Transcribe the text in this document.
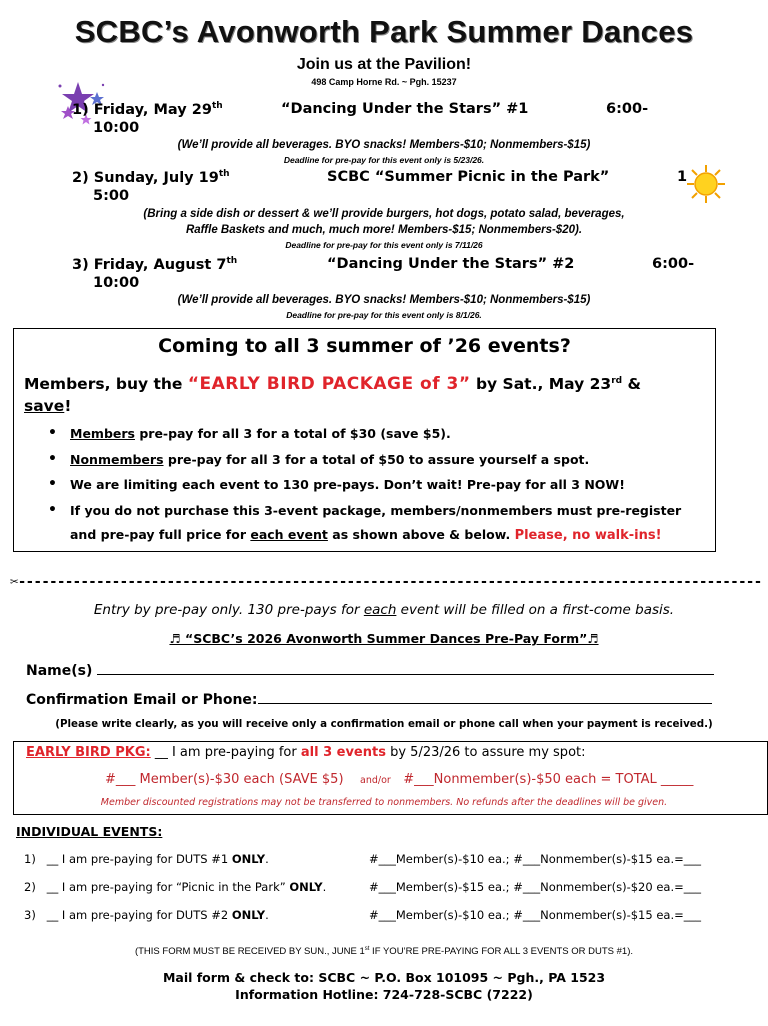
SCBC’s Avonworth Park Summer Dances
Join us at the Pavilion!
498 Camp Horne Rd. ~ Pgh. 15237
1) Friday, May 29th	“Dancing Under the Stars” #1	6:00-
10:00
(We’ll provide all beverages. BYO snacks! Members-$10; Nonmembers-$15)
Deadline for pre-pay for this event only is 5/23/26.
2) Sunday, July 19th	SCBC “Summer Picnic in the Park”	1
5:00
(Bring a side dish or dessert & we’ll provide burgers, hot dogs, potato salad, beverages,
Raffle Baskets and much, much more! Members-$15; Nonmembers-$20).
Deadline for pre-pay for this event only is 7/11/26
3) Friday, August 7th	“Dancing Under the Stars” #2	6:00-
10:00
(We’ll provide all beverages. BYO snacks! Members-$10; Nonmembers-$15)
Deadline for pre-pay for this event only is 8/1/26.
Coming to all 3 summer of ’26 events?
Members, buy the “EARLY BIRD PACKAGE of 3” by Sat., May 23rd &
save!
• Members pre-pay for all 3 for a total of $30 (save $5).
• Nonmembers pre-pay for all 3 for a total of $50 to assure yourself a spot.
• We are limiting each event to 130 pre-pays. Don’t wait! Pre-pay for all 3 NOW!
• If you do not purchase this 3-event package, members/nonmembers must pre-register
and pre-pay full price for each event as shown above & below. Please, no walk-ins!
✂-----------------------------------------------------------------------------------------------
Entry by pre-pay only. 130 pre-pays for each event will be filled on a first-come basis.
♬ “SCBC’s 2026 Avonworth Summer Dances Pre-Pay Form”♬
Name(s)
Confirmation Email or Phone:
(Please write clearly, as you will receive only a confirmation email or phone call when your payment is received.)
EARLY BIRD PKG: __ I am pre-paying for all 3 events by 5/23/26 to assure my spot:
#___ Member(s)-$30 each (SAVE $5) and/or #___Nonmember(s)-$50 each = TOTAL _____
Member discounted registrations may not be transferred to nonmembers. No refunds after the deadlines will be given.
INDIVIDUAL EVENTS:
1) __ I am pre-paying for DUTS #1 ONLY.	#___Member(s)-$10 ea.; #___Nonmember(s)-$15 ea.=___
2) __ I am pre-paying for “Picnic in the Park” ONLY.	#___Member(s)-$15 ea.; #___Nonmember(s)-$20 ea.=___
3) __ I am pre-paying for DUTS #2 ONLY.	#___Member(s)-$10 ea.; #___Nonmember(s)-$15 ea.=___
(THIS FORM MUST BE RECEIVED BY SUN., JUNE 1st IF YOU’RE PRE-PAYING FOR ALL 3 EVENTS OR DUTS #1).
Mail form & check to: SCBC ~ P.O. Box 101095 ~ Pgh., PA 1523
Information Hotline: 724-728-SCBC (7222)
